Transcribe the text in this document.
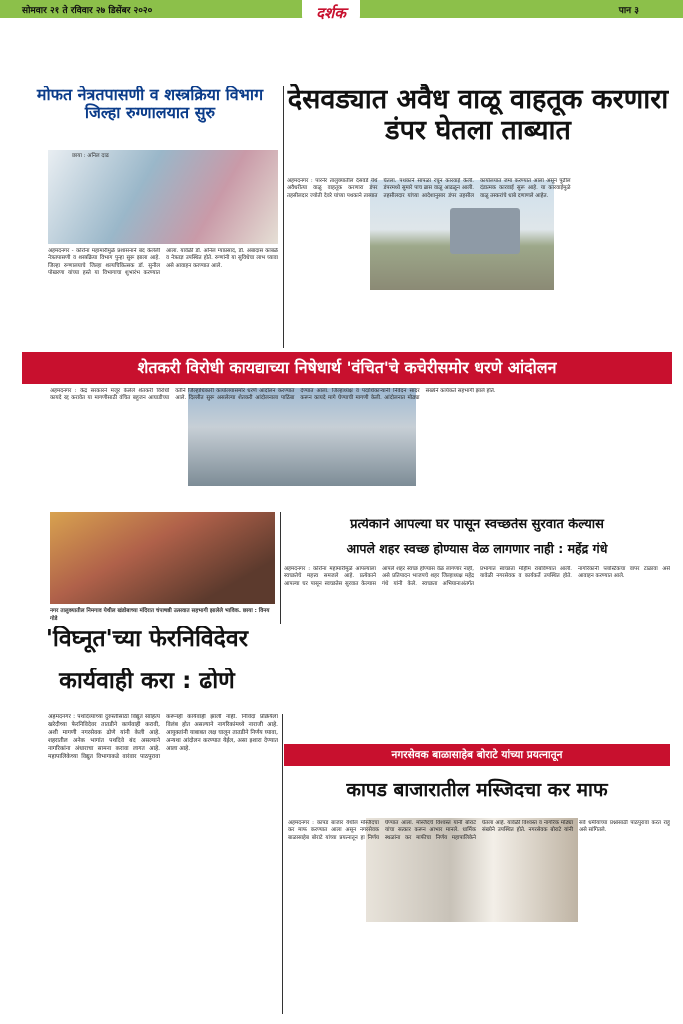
सोमवार २१ ते रविवार २७ डिसेंबर २०२०	पान ३
दर्शक
मोफत नेत्रतपासणी व शस्त्रक्रिया विभाग जिल्हा रुग्णालयात सुरु
छाया : अनिल दाढ
अहमदनगर - कोरोना महामारीमुळे प्रशासनाने बंद केलेली नेत्रतपासणी व शस्त्रक्रिया विभाग पुन्हा सुरू झाला आहे. जिल्हा रुग्णालयाचे जिल्हा शल्यचिकित्सक डॉ. सुनील पोखरणा यांच्या हस्ते या विभागाचा शुभारंभ करण्यात आला. यावेळी डॉ. अनिल ग्याप्रसाद, डॉ. अंबादास कांबळे व नेत्रतज्ञ उपस्थित होते. रुग्णांनी या सुविधेचा लाभ घ्यावा असे आवाहन करण्यात आले.
देसवड्यात अवैध वाळू वाहतूक करणारा डंपर घेतला ताब्यात
अहमदनगर : पारनेर तालुक्यातील देसवडे येथे अवैधरीत्या वाळू वाहतूक करणारा डंपर तहसीलदार ज्योती देवरे यांच्या पथकाने ताब्यात घेतला. पथकाने सापळा रचून कारवाई केली. डंपरमध्ये सुमारे पाच ब्रास वाळू आढळून आली. तहसीलदार यांच्या आदेशानुसार डंपर तहसील कार्यालयात जमा करण्यात आला असून पुढील दंडात्मक कारवाई सुरू आहे. या कारवाईमुळे वाळू तस्करांचे धाबे दणाणले आहेत.
शेतकरी विरोधी कायद्याच्या निषेधार्थ 'वंचित'चे कचेरीसमोर धरणे आंदोलन
अहमदनगर : केंद्र सरकारने मंजूर केलेले शेतकरी विरोधी कायदे रद्द करावेत या मागणीसाठी वंचित बहुजन आघाडीच्या वतीने जिल्हाधिकारी कार्यालयासमोर धरणे आंदोलन करण्यात आले. दिल्लीत सुरू असलेल्या शेतकरी आंदोलनाला पाठिंबा देण्यात आला. जिल्हाध्यक्ष व पदाधिकाऱ्यांनी निवेदन सादर करून कायदे मागे घेण्याची मागणी केली. आंदोलनात मोठ्या संख्येने कार्यकर्ते सहभागी झाले होते.
नगर तालुक्यातील निमगाव येथील खंडोबाच्या मंदिरात चंपाषष्ठी उत्सवात सहभागी झालेले भाविक. छाया : विनय गोडे
प्रत्येकाने आपल्या घर पासून स्वच्छतेस सुरवात केल्यास
आपले शहर स्वच्छ होण्यास वेळ लागणार नाही : महेंद्र गंधे
अहमदनगर : कोरोना महामारीमुळे आपल्याला स्वच्छतेचे महत्त्व समजले आहे. प्रत्येकाने आपल्या घर पासून स्वच्छतेस सुरवात केल्यास आपले शहर स्वच्छ होण्यास वेळ लागणार नाही, असे प्रतिपादन भाजपचे शहर जिल्हाध्यक्ष महेंद्र गंधे यांनी केले. स्वच्छता अभियानाअंतर्गत प्रभागात स्वच्छता मोहीम राबविण्यात आली. यावेळी नगरसेवक व कार्यकर्ते उपस्थित होते. नागरिकांनी प्लास्टिकचा वापर टाळावा असे आवाहन करण्यात आले.
'विघ्नूत'च्या फेरनिविदेवर
कार्यवाही करा : ढोणे
अहमदनगर : पथदिव्यांच्या दुरुस्तीसाठी विद्युत साहित्य खरेदीच्या फेरनिविदेवर तातडीने कार्यवाही करावी, अशी मागणी नगरसेवक ढोणे यांनी केली आहे. शहरातील अनेक भागांत पथदिवे बंद असल्याने नागरिकांना अंधाराचा सामना करावा लागत आहे. महापालिकेच्या विद्युत विभागाकडे वारंवार पाठपुरावा करूनही कार्यवाही झाली नाही. निविदा प्रक्रियेला विलंब होत असल्याने नागरिकांमध्ये नाराजी आहे. आयुक्तांनी याबाबत लक्ष घालून तातडीने निर्णय घ्यावा, अन्यथा आंदोलन करण्यात येईल, असा इशारा देण्यात आला आहे.
नगरसेवक बाळासाहेब बोराटे यांच्या प्रयत्नातून
कापड बाजारातील मस्जिदचा कर माफ
अहमदनगर : कापड बाजार येथील मस्जिदचा कर माफ करण्यात आला असून नगरसेवक बाळासाहेब बोराटे यांच्या प्रयत्नातून हा निर्णय घेण्यात आला. मस्जिदचे विश्वस्त यांनी बोराटे यांचा सत्कार करून आभार मानले. धार्मिक स्थळांना कर माफीचा निर्णय महापालिकेने घेतला आहे. यावेळी विश्वस्त व नागरिक मोठ्या संख्येने उपस्थित होते. नगरसेवक बोराटे यांनी सर्व धर्मीयांच्या प्रश्नांसाठी पाठपुरावा करत राहू असे सांगितले.
